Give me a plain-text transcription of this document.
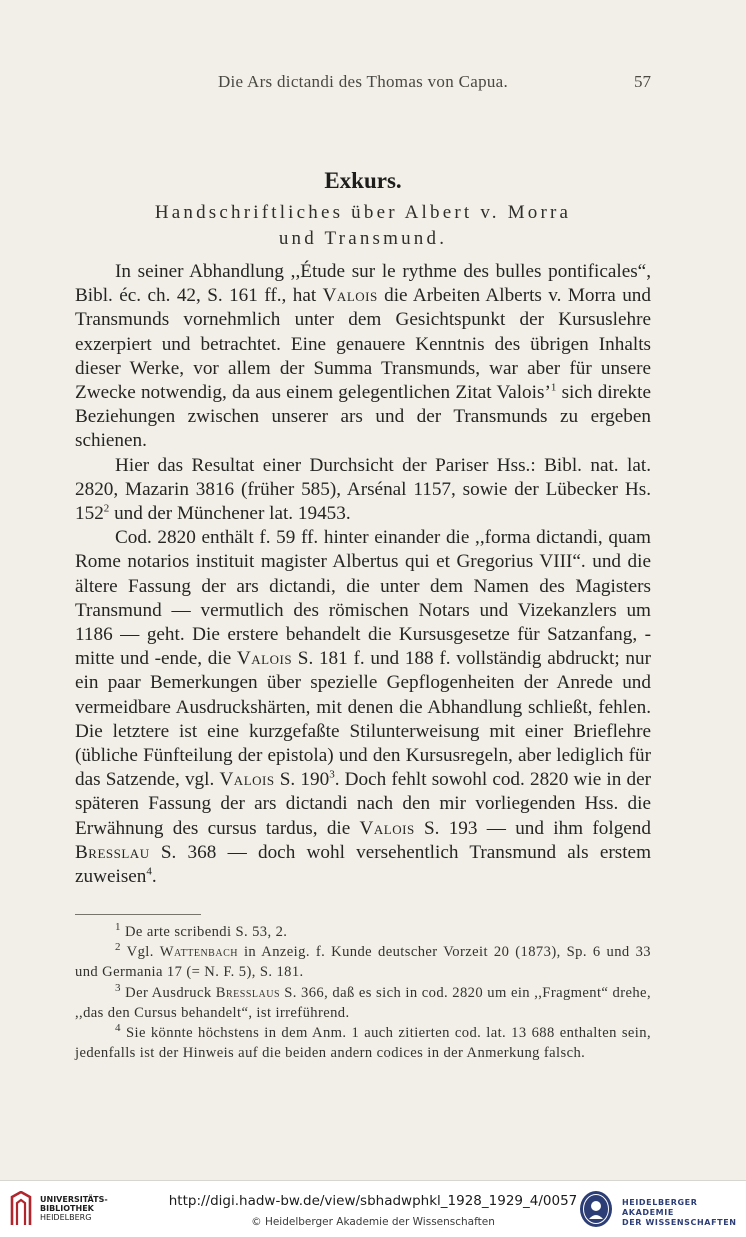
Die Ars dictandi des Thomas von Capua.	57
Exkurs.
Handschriftliches über Albert v. Morra
und Transmund.

In seiner Abhandlung ,,Étude sur le rythme des bulles pontificales“, Bibl. éc. ch. 42, S. 161 ff., hat Valois die Arbeiten Alberts v. Morra und Transmunds vornehmlich unter dem Gesichtspunkt der Kursuslehre exzerpiert und betrachtet. Eine genauere Kenntnis des übrigen Inhalts dieser Werke, vor allem der Summa Transmunds, war aber für unsere Zwecke notwendig, da aus einem gelegentlichen Zitat Valois’$^1$ sich direkte Beziehungen zwischen unserer ars und der Transmunds zu ergeben schienen.

Hier das Resultat einer Durchsicht der Pariser Hss.: Bibl. nat. lat. 2820, Mazarin 3816 (früher 585), Arsénal 1157, sowie der Lübecker Hs. $152^2$ und der Münchener lat. 19453.

Cod. 2820 enthält f. 59 ff. hinter einander die ,,forma dictandi, quam Rome notarios instituit magister Albertus qui et Gregorius VIII“. und die ältere Fassung der ars dictandi, die unter dem Namen des Magisters Transmund — vermutlich des römischen Notars und Vizekanzlers um 1186 — geht. Die erstere behandelt die Kursusgesetze für Satzanfang, -mitte und -ende, die Valois S. 181 f. und 188 f. vollständig abdruckt; nur ein paar Bemerkungen über spezielle Gepflogenheiten der Anrede und vermeidbare Ausdruckshärten, mit denen die Abhandlung schließt, fehlen. Die letztere ist eine kurzgefaßte Stilunterweisung mit einer Brieflehre (übliche Fünfteilung der epistola) und den Kursusregeln, aber lediglich für das Satzende, vgl. Valois S. $190^3$. Doch fehlt sowohl cod. 2820 wie in der späteren Fassung der ars dictandi nach den mir vorliegenden Hss. die Erwähnung des cursus tardus, die Valois S. 193 — und ihm folgend Bresslau S. 368 — doch wohl versehentlich Transmund als erstem zuweisen$^4$.

$^1$ De arte scribendi S. 53, 2.

$^2$ Vgl. Wattenbach in Anzeig. f. Kunde deutscher Vorzeit 20 (1873), Sp. 6 und 33 und Germania 17 (= N. F. 5), S. 181.

$^3$ Der Ausdruck Bresslaus S. 366, daß es sich in cod. 2820 um ein ,,Fragment“ drehe, ,,das den Cursus behandelt“, ist irreführend.

$^4$ Sie könnte höchstens in dem Anm. 1 auch zitierten cod. lat. 13 688 enthalten sein, jedenfalls ist der Hinweis auf die beiden andern codices in der Anmerkung falsch.

UNIVERSITÄTS-
BIBLIOTHEK
HEIDELBERG
http://digi.hadw-bw.de/view/sbhadwphkl_1928_1929_4/0057
© Heidelberger Akademie der Wissenschaften
HEIDELBERGER AKADEMIE
DER WISSENSCHAFTEN
